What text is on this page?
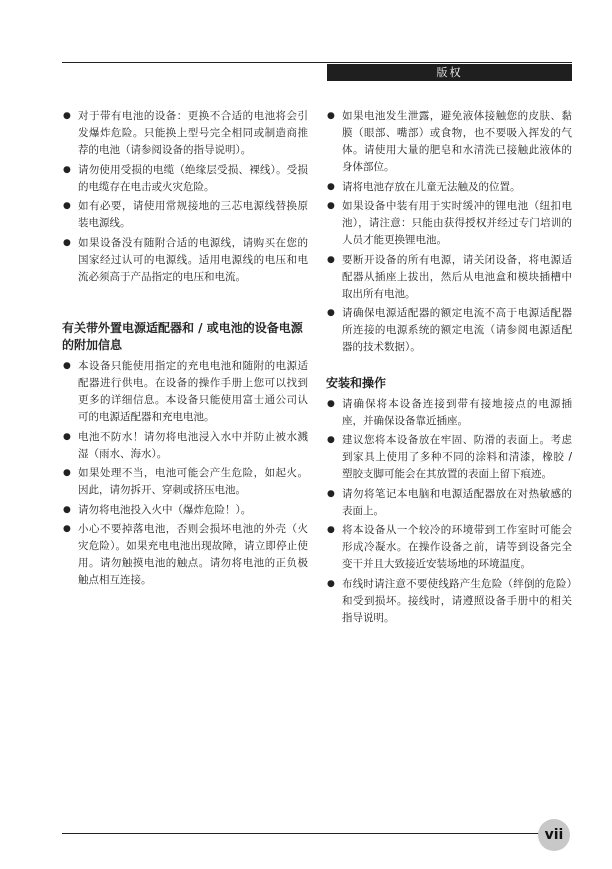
版权
● 对于带有电池的设备：更换不合适的电池将会引发爆炸危险。只能换上型号完全相同或制造商推荐的电池（请参阅设备的指导说明）。
● 请勿使用受损的电缆（绝缘层受损、裸线）。受损的电缆存在电击或火灾危险。
● 如有必要，请使用常规接地的三芯电源线替换原装电源线。
● 如果设备没有随附合适的电源线，请购买在您的国家经过认可的电源线。适用电源线的电压和电流必须高于产品指定的电压和电流。
有关带外置电源适配器和 / 或电池的设备电源的附加信息
● 本设备只能使用指定的充电电池和随附的电源适配器进行供电。在设备的操作手册上您可以找到更多的详细信息。本设备只能使用富士通公司认可的电源适配器和充电电池。
● 电池不防水！请勿将电池浸入水中并防止被水溅湿（雨水、海水）。
● 如果处理不当，电池可能会产生危险，如起火。因此，请勿拆开、穿刺或挤压电池。
● 请勿将电池投入火中（爆炸危险！）。
● 小心不要掉落电池，否则会损坏电池的外壳（火灾危险）。如果充电电池出现故障，请立即停止使用。请勿触摸电池的触点。请勿将电池的正负极触点相互连接。
● 如果电池发生泄露，避免液体接触您的皮肤、黏膜（眼部、嘴部）或食物，也不要吸入挥发的气体。请使用大量的肥皂和水清洗已接触此液体的身体部位。
● 请将电池存放在儿童无法触及的位置。
● 如果设备中装有用于实时缓冲的锂电池（纽扣电池），请注意：只能由获得授权并经过专门培训的人员才能更换锂电池。
● 要断开设备的所有电源，请关闭设备，将电源适配器从插座上拔出，然后从电池盒和模块插槽中取出所有电池。
● 请确保电源适配器的额定电流不高于电源适配器所连接的电源系统的额定电流（请参阅电源适配器的技术数据）。
安装和操作
● 请确保将本设备连接到带有接地接点的电源插座，并确保设备靠近插座。
● 建议您将本设备放在牢固、防滑的表面上。考虑到家具上使用了多种不同的涂料和清漆，橡胶 / 塑胶支脚可能会在其放置的表面上留下痕迹。
● 请勿将笔记本电脑和电源适配器放在对热敏感的表面上。
● 将本设备从一个较冷的环境带到工作室时可能会形成冷凝水。在操作设备之前，请等到设备完全变干并且大致接近安装场地的环境温度。
● 布线时请注意不要使线路产生危险（绊倒的危险）和受到损坏。接线时，请遵照设备手册中的相关指导说明。
vii
